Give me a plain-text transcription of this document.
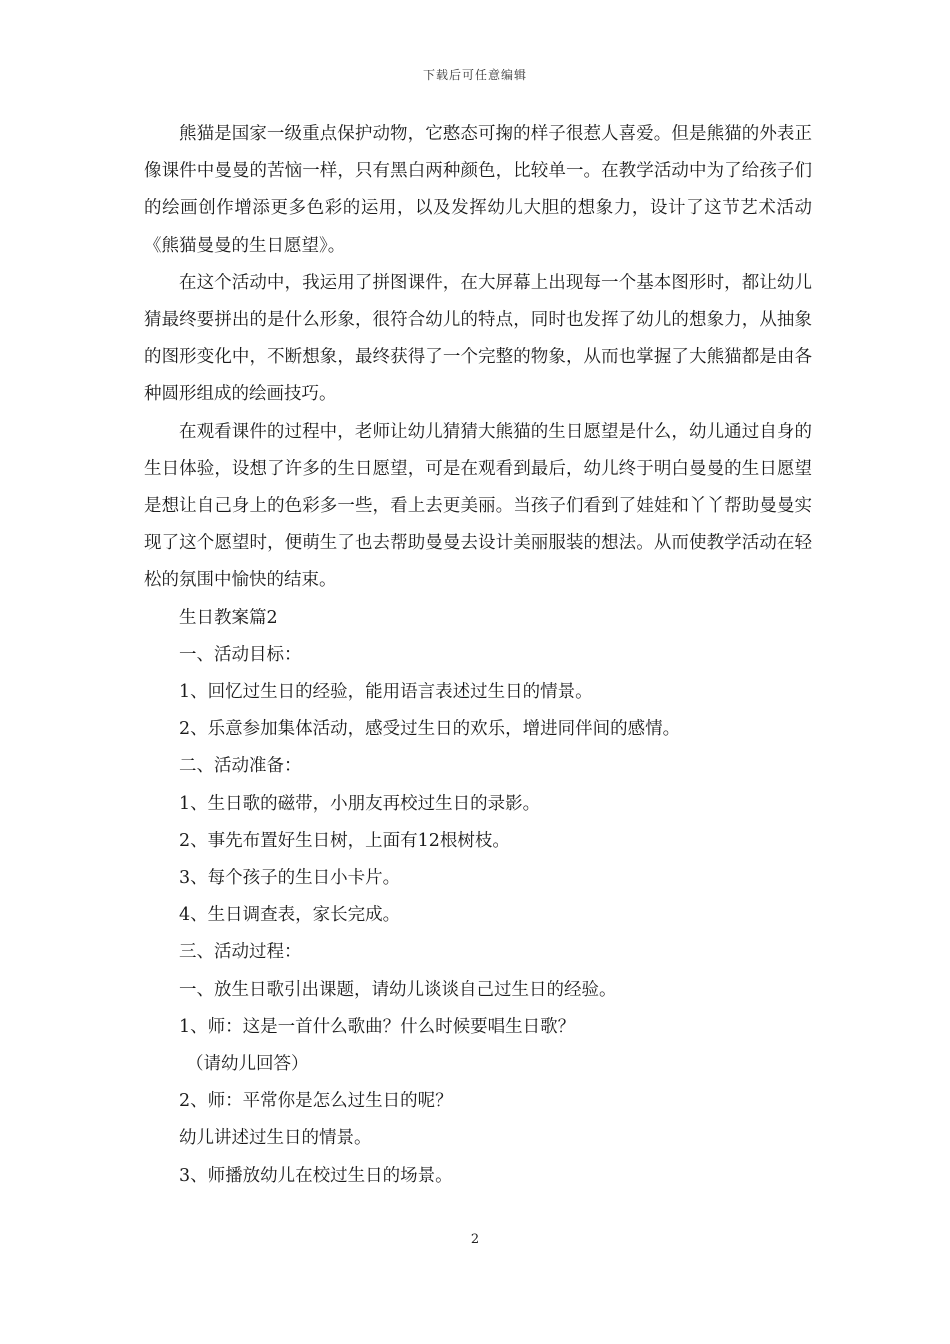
下载后可任意编辑

熊猫是国家一级重点保护动物，它憨态可掬的样子很惹人喜爱。但是熊猫的外表正像课件中曼曼的苦恼一样，只有黑白两种颜色，比较单一。在教学活动中为了给孩子们的绘画创作增添更多色彩的运用，以及发挥幼儿大胆的想象力，设计了这节艺术活动《熊猫曼曼的生日愿望》。

在这个活动中，我运用了拼图课件，在大屏幕上出现每一个基本图形时，都让幼儿猜最终要拼出的是什么形象，很符合幼儿的特点，同时也发挥了幼儿的想象力，从抽象的图形变化中，不断想象，最终获得了一个完整的物象，从而也掌握了大熊猫都是由各种圆形组成的绘画技巧。

在观看课件的过程中，老师让幼儿猜猜大熊猫的生日愿望是什么，幼儿通过自身的生日体验，设想了许多的生日愿望，可是在观看到最后，幼儿终于明白曼曼的生日愿望是想让自己身上的色彩多一些，看上去更美丽。当孩子们看到了娃娃和丫丫帮助曼曼实现了这个愿望时，便萌生了也去帮助曼曼去设计美丽服装的想法。从而使教学活动在轻松的氛围中愉快的结束。

生日教案篇2

一、活动目标：

1、回忆过生日的经验，能用语言表述过生日的情景。

2、乐意参加集体活动，感受过生日的欢乐，增进同伴间的感情。

二、活动准备：

1、生日歌的磁带，小朋友再校过生日的录影。

2、事先布置好生日树，上面有12根树枝。

3、每个孩子的生日小卡片。

4、生日调查表，家长完成。

三、活动过程：

一、放生日歌引出课题，请幼儿谈谈自己过生日的经验。

1、师：这是一首什么歌曲？什么时候要唱生日歌？

（请幼儿回答）

2、师：平常你是怎么过生日的呢？

幼儿讲述过生日的情景。

3、师播放幼儿在校过生日的场景。

2
